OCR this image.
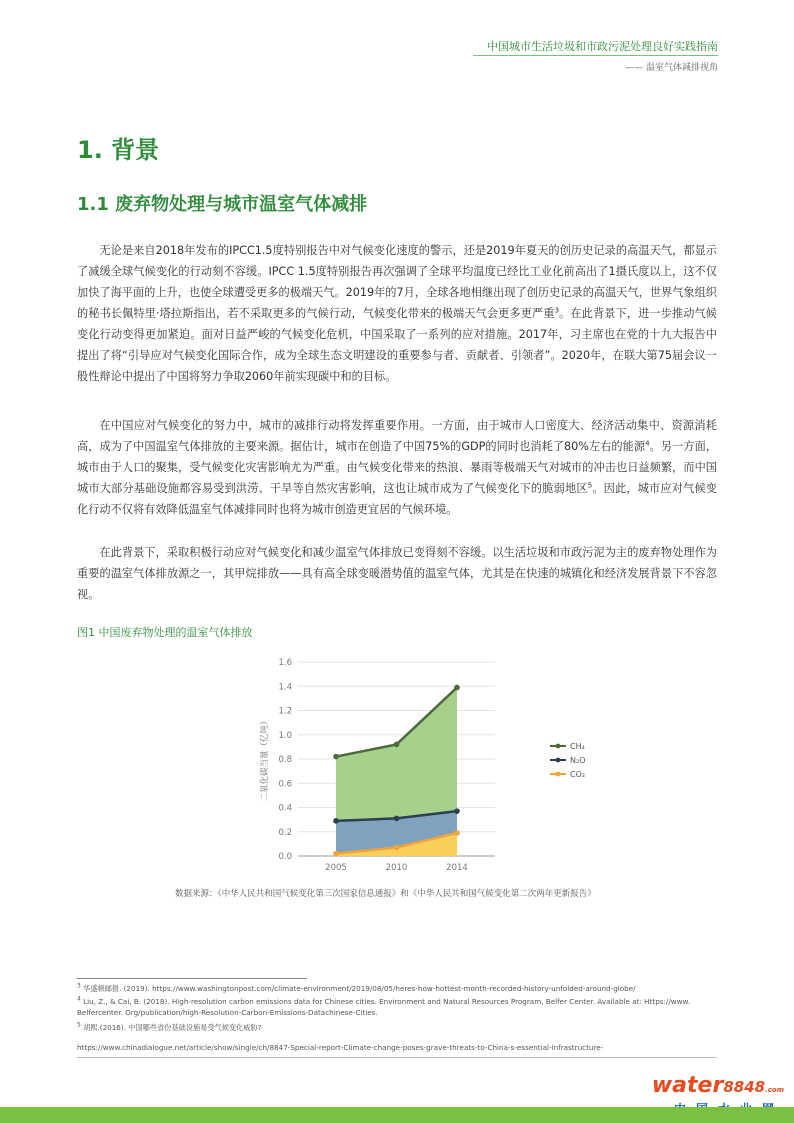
中国城市生活垃圾和市政污泥处理良好实践指南
—— 温室气体减排视角
1. 背景
1.1 废弃物处理与城市温室气体减排

无论是来自2018年发布的IPCC1.5度特别报告中对气候变化速度的警示，还是2019年夏天的创历史记录的高温天气，都显示了减缓全球气候变化的行动刻不容缓。IPCC 1.5度特别报告再次强调了全球平均温度已经比工业化前高出了1摄氏度以上，这不仅加快了海平面的上升，也使全球遭受更多的极端天气。2019年的7月，全球各地相继出现了创历史记录的高温天气，世界气象组织的秘书长佩特里·塔拉斯指出，若不采取更多的气候行动，气候变化带来的极端天气会更多更严重$^3$。在此背景下，进一步推动气候变化行动变得更加紧迫。面对日益严峻的气候变化危机，中国采取了一系列的应对措施。2017年，习主席也在党的十九大报告中提出了将“引导应对气候变化国际合作，成为全球生态文明建设的重要参与者、贡献者、引领者”。2020年，在联大第75届会议一般性辩论中提出了中国将努力争取2060年前实现碳中和的目标。

在中国应对气候变化的努力中，城市的减排行动将发挥重要作用。一方面，由于城市人口密度大、经济活动集中、资源消耗高，成为了中国温室气体排放的主要来源。据估计，城市在创造了中国75%的GDP的同时也消耗了80%左右的能源$^4$。另一方面，城市由于人口的聚集，受气候变化灾害影响尤为严重。由气候变化带来的热浪、暴雨等极端天气对城市的冲击也日益频繁，而中国城市大部分基础设施都容易受到洪涝、干旱等自然灾害影响，这也让城市成为了气候变化下的脆弱地区$^5$。因此，城市应对气候变化行动不仅将有效降低温室气体减排同时也将为城市创造更宜居的气候环境。

在此背景下，采取积极行动应对气候变化和减少温室气体排放已变得刻不容缓。以生活垃圾和市政污泥为主的废弃物处理作为重要的温室气体排放源之一，其甲烷排放——具有高全球变暖潜势值的温室气体，尤其是在快速的城镇化和经济发展背景下不容忽视。

图1 中国废弃物处理的温室气体排放
0.0
0.2
0.4
0.6
0.8
1.0
1.2
1.4
1.6
2005	2010	2014
二氧化碳当量（亿吨）	CH₄
N₂O
CO₂
数据来源：《中华人民共和国气候变化第三次国家信息通报》和《中华人民共和国气候变化第二次两年更新报告》

$^3$ 华盛顿邮报. (2019). https://www.washingtonpost.com/climate-environment/2019/08/05/heres-how-hottest-month-recorded-history-unfolded-around-globe/

$^4$ Liu, Z., & Cai, B. (2018). High-resolution carbon emissions data for Chinese cities. Environment and Natural Resources Program, Belfer Center. Available at: Https://www. Belfercenter. Org/publication/high-Resolution-Carbon-Emissions-Datachinese-Cities.

$^5$ 胡熙.(2016). 中国哪些省份基础设施易受气候变化威胁?

https://www.chinadialogue.net/article/show/single/ch/8847-Special-report-Climate-change-poses-grave-threats-to-China-s-essential-infrastructure-
water8848.com
